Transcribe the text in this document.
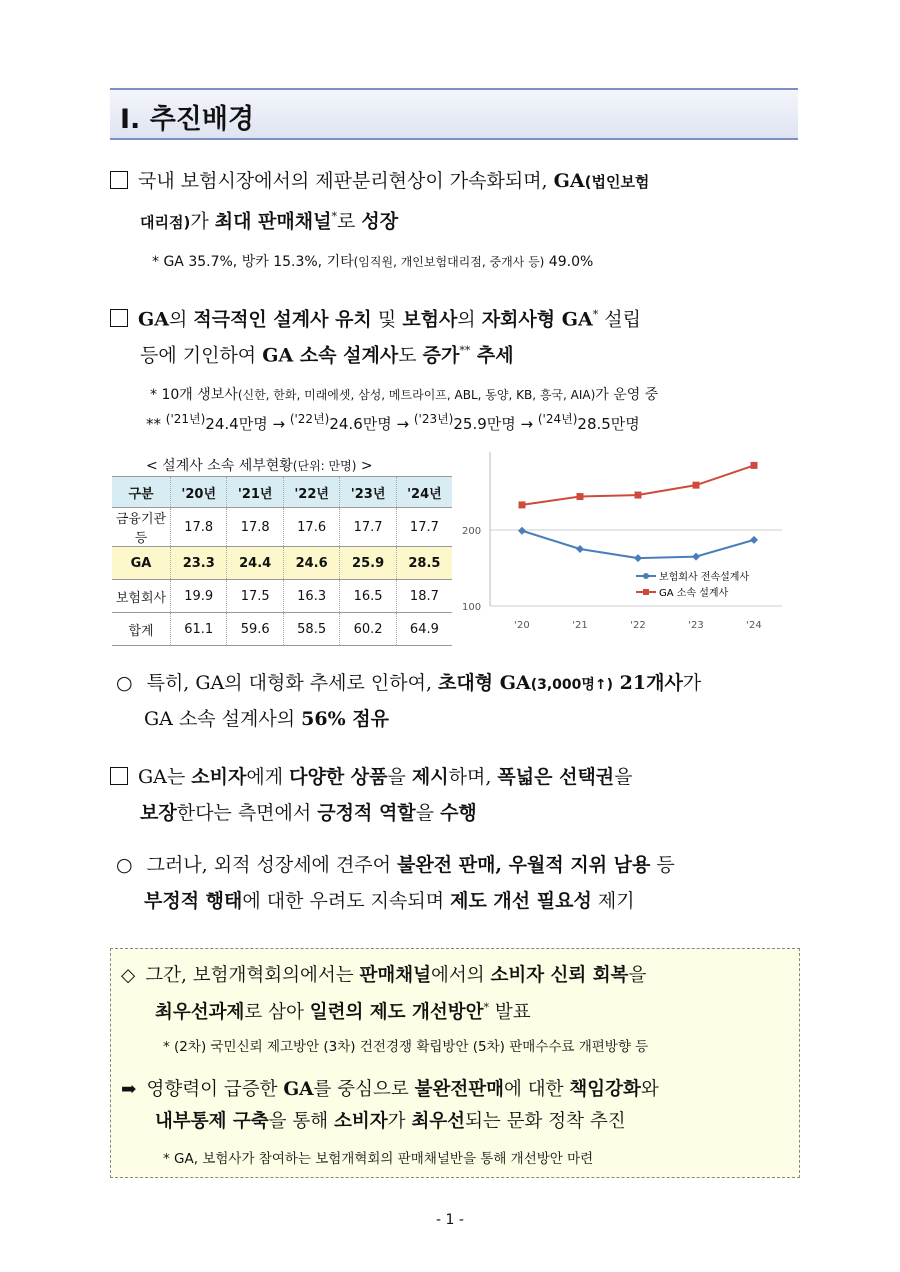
Ⅰ. 추진배경
국내 보험시장에서의 제판분리현상이 가속화되며, GA(법인보험
대리점)가 최대 판매채널*로 성장
* GA 35.7%, 방카 15.3%, 기타(임직원, 개인보험대리점, 중개사 등) 49.0%
GA의 적극적인 설계사 유치 및 보험사의 자회사형 GA* 설립
등에 기인하여 GA 소속 설계사도 증가** 추세
* 10개 생보사(신한, 한화, 미래에셋, 삼성, 메트라이프, ABL, 동양, KB, 흥국, AIA)가 운영 중
** $^{('21년)}$24.4만명 → $^{('22년)}$24.6만명 → $^{('23년)}$25.9만명 → $^{('24년)}$28.5만명
< 설계사 소속 세부현황(단위: 만명) >
구분	'20년	'21년	'22년	'23년	'24년
금융기관 등	17.8	17.8	17.6	17.7	17.7
GA	23.3	24.4	24.6	25.9	28.5
보험회사	19.9	17.5	16.3	16.5	18.7
합계	61.1	59.6	58.5	60.2	64.9
200
100
'20	'21	'22	'23	'24
보험회사 전속설계사
GA 소속 설계사
○ 특히, GA의 대형화 추세로 인하여, 초대형 GA(3,000명↑) 21개사가
GA 소속 설계사의 56% 점유
GA는 소비자에게 다양한 상품을 제시하며, 폭넓은 선택권을
보장한다는 측면에서 긍정적 역할을 수행
○ 그러나, 외적 성장세에 견주어 불완전 판매, 우월적 지위 남용 등
부정적 행태에 대한 우려도 지속되며 제도 개선 필요성 제기
◇ 그간, 보험개혁회의에서는 판매채널에서의 소비자 신뢰 회복을
최우선과제로 삼아 일련의 제도 개선방안* 발표
* (2차) 국민신뢰 제고방안 (3차) 건전경쟁 확립방안 (5차) 판매수수료 개편방향 등
➡ 영향력이 급증한 GA를 중심으로 불완전판매에 대한 책임강화와
내부통제 구축을 통해 소비자가 최우선되는 문화 정착 추진
* GA, 보험사가 참여하는 보험개혁회의 판매채널반을 통해 개선방안 마련
- 1 -
